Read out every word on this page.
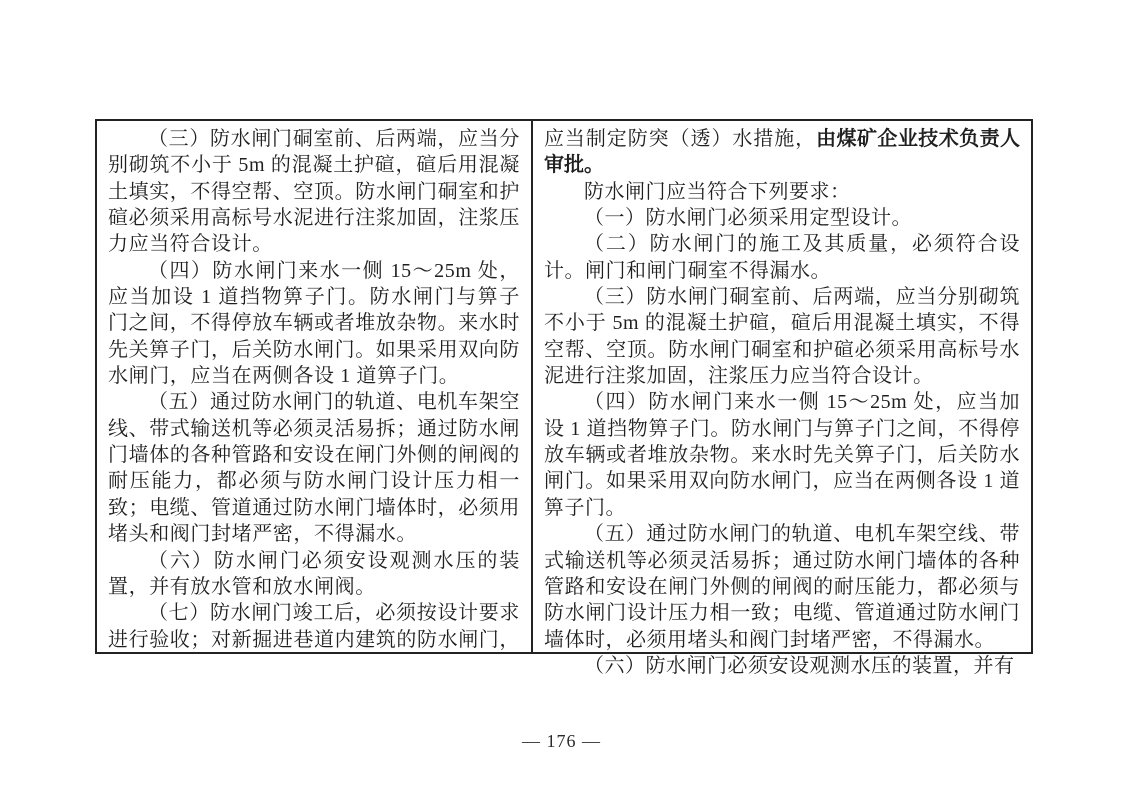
（三）防水闸门硐室前、后两端，应当分别砌筑不小于 5m 的混凝土护碹，碹后用混凝土填实，不得空帮、空顶。防水闸门硐室和护碹必须采用高标号水泥进行注浆加固，注浆压力应当符合设计。

（四）防水闸门来水一侧 15～25m 处，应当加设 1 道挡物箅子门。防水闸门与箅子门之间，不得停放车辆或者堆放杂物。来水时先关箅子门，后关防水闸门。如果采用双向防水闸门，应当在两侧各设 1 道箅子门。

（五）通过防水闸门的轨道、电机车架空线、带式输送机等必须灵活易拆；通过防水闸门墙体的各种管路和安设在闸门外侧的闸阀的耐压能力，都必须与防水闸门设计压力相一致；电缆、管道通过防水闸门墙体时，必须用堵头和阀门封堵严密，不得漏水。

（六）防水闸门必须安设观测水压的装置，并有放水管和放水闸阀。

（七）防水闸门竣工后，必须按设计要求进行验收；对新掘进巷道内建筑的防水闸门，

应当制定防突（透）水措施，由煤矿企业技术负责人审批。

防水闸门应当符合下列要求：

（一）防水闸门必须采用定型设计。

（二）防水闸门的施工及其质量，必须符合设计。闸门和闸门硐室不得漏水。

（三）防水闸门硐室前、后两端，应当分别砌筑不小于 5m 的混凝土护碹，碹后用混凝土填实，不得空帮、空顶。防水闸门硐室和护碹必须采用高标号水泥进行注浆加固，注浆压力应当符合设计。

（四）防水闸门来水一侧 15～25m 处，应当加设 1 道挡物箅子门。防水闸门与箅子门之间，不得停放车辆或者堆放杂物。来水时先关箅子门，后关防水闸门。如果采用双向防水闸门，应当在两侧各设 1 道箅子门。

（五）通过防水闸门的轨道、电机车架空线、带式输送机等必须灵活易拆；通过防水闸门墙体的各种管路和安设在闸门外侧的闸阀的耐压能力，都必须与防水闸门设计压力相一致；电缆、管道通过防水闸门墙体时，必须用堵头和阀门封堵严密，不得漏水。

（六）防水闸门必须安设观测水压的装置，并有

— 176 —
